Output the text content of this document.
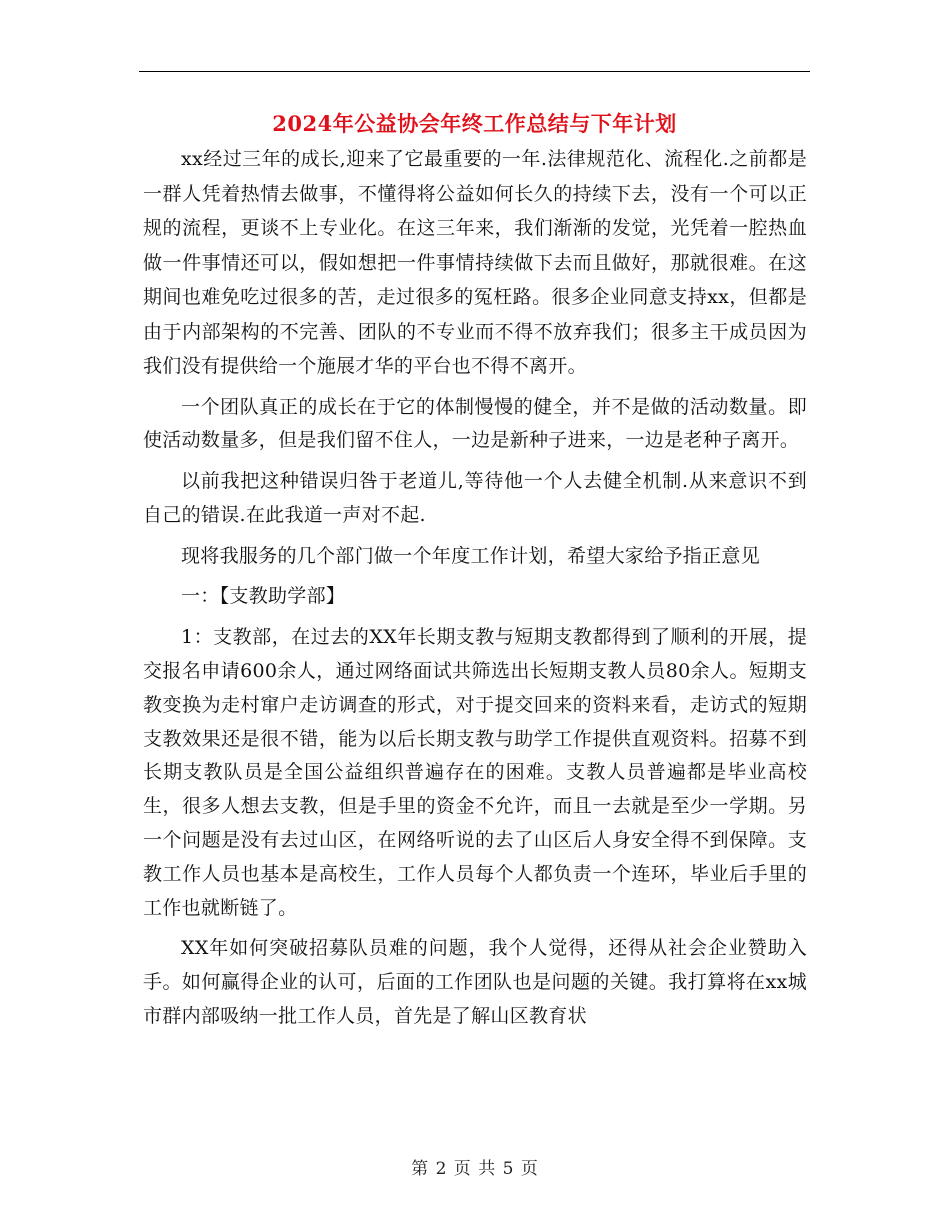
2024年公益协会年终工作总结与下年计划

xx经过三年的成长,迎来了它最重要的一年.法律规范化、流程化.之前都是一群人凭着热情去做事，不懂得将公益如何长久的持续下去，没有一个可以正规的流程，更谈不上专业化。在这三年来，我们渐渐的发觉，光凭着一腔热血做一件事情还可以，假如想把一件事情持续做下去而且做好，那就很难。在这期间也难免吃过很多的苦，走过很多的冤枉路。很多企业同意支持xx，但都是由于内部架构的不完善、团队的不专业而不得不放弃我们；很多主干成员因为我们没有提供给一个施展才华的平台也不得不离开。

一个团队真正的成长在于它的体制慢慢的健全，并不是做的活动数量。即使活动数量多，但是我们留不住人，一边是新种子进来，一边是老种子离开。

以前我把这种错误归咎于老道儿,等待他一个人去健全机制.从来意识不到自己的错误.在此我道一声对不起.

现将我服务的几个部门做一个年度工作计划，希望大家给予指正意见

一：【支教助学部】

1：支教部，在过去的XX年长期支教与短期支教都得到了顺利的开展，提交报名申请600余人，通过网络面试共筛选出长短期支教人员80余人。短期支教变换为走村窜户走访调查的形式，对于提交回来的资料来看，走访式的短期支教效果还是很不错，能为以后长期支教与助学工作提供直观资料。招募不到长期支教队员是全国公益组织普遍存在的困难。支教人员普遍都是毕业高校生，很多人想去支教，但是手里的资金不允许，而且一去就是至少一学期。另一个问题是没有去过山区，在网络听说的去了山区后人身安全得不到保障。支教工作人员也基本是高校生，工作人员每个人都负责一个连环，毕业后手里的工作也就断链了。

XX年如何突破招募队员难的问题，我个人觉得，还得从社会企业赞助入手。如何赢得企业的认可，后面的工作团队也是问题的关键。我打算将在xx城市群内部吸纳一批工作人员，首先是了解山区教育状

第 2 页 共 5 页
